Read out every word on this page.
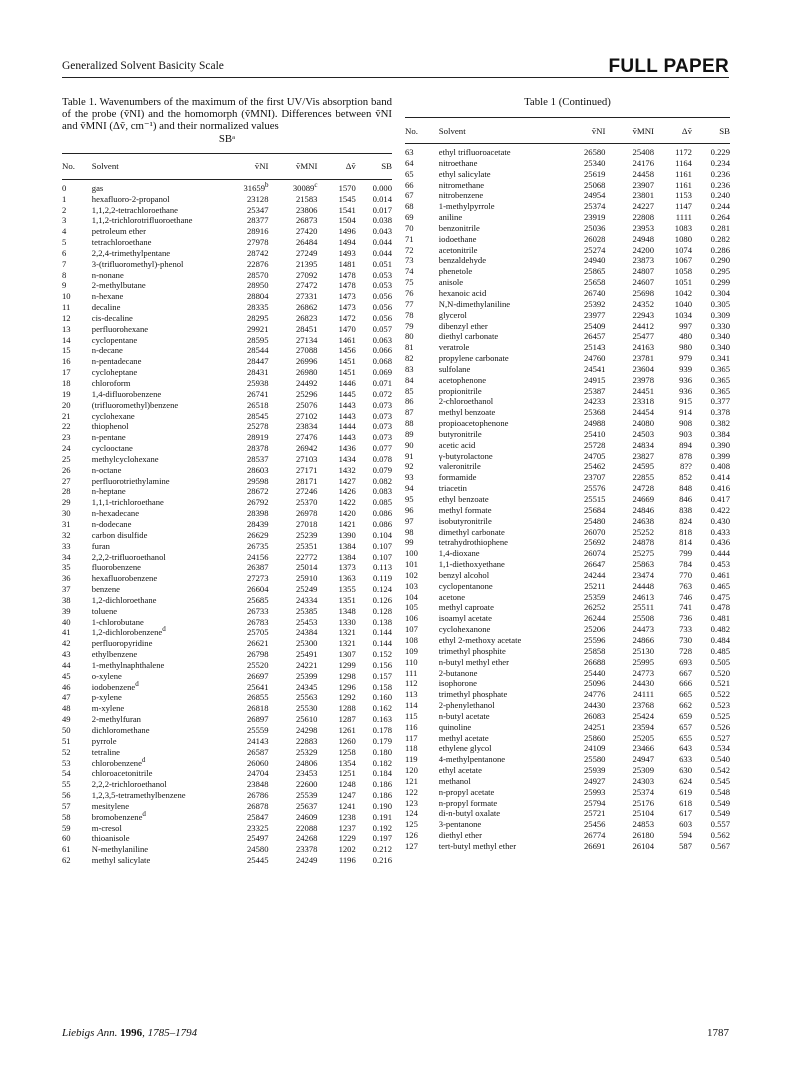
Generalized Solvent Basicity Scale	FULL PAPER
Table 1. Wavenumbers of the maximum of the first UV/Vis absorption band of the probe (ṽNI) and the homomorph (ṽMNI). Differences between ṽNI and ṽMNI (Δṽ, cm⁻¹) and their normalized values
SBᵃ
No.	Solvent	ṽNI	ṽMNI	Δṽ	SB
0	gas	31659$^b$	30089$^c$	1570	0.000
1	hexafluoro-2-propanol	23128	21583	1545	0.014
2	1,1,2,2-tetrachloroethane	25347	23806	1541	0.017
3	1,1,2-trichlorotrifluoroethane	28377	26873	1504	0.038
4	petroleum ether	28916	27420	1496	0.043
5	tetrachloroethane	27978	26484	1494	0.044
6	2,2,4-trimethylpentane	28742	27249	1493	0.044
7	3-(trifluoromethyl)-phenol	22876	21395	1481	0.051
8	n-nonane	28570	27092	1478	0.053
9	2-methylbutane	28950	27472	1478	0.053
10	n-hexane	28804	27331	1473	0.056
11	decaline	28335	26862	1473	0.056
12	cis-decaline	28295	26823	1472	0.056
13	perfluorohexane	29921	28451	1470	0.057
14	cyclopentane	28595	27134	1461	0.063
15	n-decane	28544	27088	1456	0.066
16	n-pentadecane	28447	26996	1451	0.068
17	cycloheptane	28431	26980	1451	0.069
18	chloroform	25938	24492	1446	0.071
19	1,4-difluorobenzene	26741	25296	1445	0.072
20	(trifluoromethyl)benzene	26518	25076	1443	0.073
21	cyclohexane	28545	27102	1443	0.073
22	thiophenol	25278	23834	1444	0.073
23	n-pentane	28919	27476	1443	0.073
24	cyclooctane	28378	26942	1436	0.077
25	methylcyclohexane	28537	27103	1434	0.078
26	n-octane	28603	27171	1432	0.079
27	perfluorotriethylamine	29598	28171	1427	0.082
28	n-heptane	28672	27246	1426	0.083
29	1,1,1-trichloroethane	26792	25370	1422	0.085
30	n-hexadecane	28398	26978	1420	0.086
31	n-dodecane	28439	27018	1421	0.086
32	carbon disulfide	26629	25239	1390	0.104
33	furan	26735	25351	1384	0.107
34	2,2,2-trifluoroethanol	24156	22772	1384	0.107
35	fluorobenzene	26387	25014	1373	0.113
36	hexafluorobenzene	27273	25910	1363	0.119
37	benzene	26604	25249	1355	0.124
38	1,2-dichloroethane	25685	24334	1351	0.126
39	toluene	26733	25385	1348	0.128
40	1-chlorobutane	26783	25453	1330	0.138
41	1,2-dichlorobenzene$^d$	25705	24384	1321	0.144
42	perfluoropyridine	26621	25300	1321	0.144
43	ethylbenzene	26798	25491	1307	0.152
44	1-methylnaphthalene	25520	24221	1299	0.156
45	o-xylene	26697	25399	1298	0.157
46	iodobenzene$^d$	25641	24345	1296	0.158
47	p-xylene	26855	25563	1292	0.160
48	m-xylene	26818	25530	1288	0.162
49	2-methylfuran	26897	25610	1287	0.163
50	dichloromethane	25559	24298	1261	0.178
51	pyrrole	24143	22883	1260	0.179
52	tetraline	26587	25329	1258	0.180
53	chlorobenzene$^d$	26060	24806	1354	0.182
54	chloroacetonitrile	24704	23453	1251	0.184
55	2,2,2-trichloroethanol	23848	22600	1248	0.186
56	1,2,3,5-tetramethylbenzene	26786	25539	1247	0.186
57	mesitylene	26878	25637	1241	0.190
58	bromobenzene$^d$	25847	24609	1238	0.191
59	m-cresol	23325	22088	1237	0.192
60	thioanisole	25497	24268	1229	0.197
61	N-methylaniline	24580	23378	1202	0.212
62	methyl salicylate	25445	24249	1196	0.216
Table 1 (Continued)
No.	Solvent	ṽNI	ṽMNI	Δṽ	SB
63	ethyl trifluoroacetate	26580	25408	1172	0.229
64	nitroethane	25340	24176	1164	0.234
65	ethyl salicylate	25619	24458	1161	0.236
66	nitromethane	25068	23907	1161	0.236
67	nitrobenzene	24954	23801	1153	0.240
68	1-methylpyrrole	25374	24227	1147	0.244
69	aniline	23919	22808	1111	0.264
70	benzonitrile	25036	23953	1083	0.281
71	iodoethane	26028	24948	1080	0.282
72	acetonitrile	25274	24200	1074	0.286
73	benzaldehyde	24940	23873	1067	0.290
74	phenetole	25865	24807	1058	0.295
75	anisole	25658	24607	1051	0.299
76	hexanoic acid	26740	25698	1042	0.304
77	N,N-dimethylaniline	25392	24352	1040	0.305
78	glycerol	23977	22943	1034	0.309
79	dibenzyl ether	25409	24412	997	0.330
80	diethyl carbonate	26457	25477	480	0.340
81	veratrole	25143	24163	980	0.340
82	propylene carbonate	24760	23781	979	0.341
83	sulfolane	24541	23604	939	0.365
84	acetophenone	24915	23978	936	0.365
85	propionitrile	25387	24451	936	0.365
86	2-chloroethanol	24233	23318	915	0.377
87	methyl benzoate	25368	24454	914	0.378
88	propioacetophenone	24988	24080	908	0.382
89	butyronitrile	25410	24503	903	0.384
90	acetic acid	25728	24834	894	0.390
91	γ-butyrolactone	24705	23827	878	0.399
92	valeronitrile	25462	24595	8??	0.408
93	formamide	23707	22855	852	0.414
94	triacetin	25576	24728	848	0.416
95	ethyl benzoate	25515	24669	846	0.417
96	methyl formate	25684	24846	838	0.422
97	isobutyronitrile	25480	24638	824	0.430
98	dimethyl carbonate	26070	25252	818	0.433
99	tetrahydrothiophene	25692	24878	814	0.436
100	1,4-dioxane	26074	25275	799	0.444
101	1,1-diethoxyethane	26647	25863	784	0.453
102	benzyl alcohol	24244	23474	770	0.461
103	cyclopentanone	25211	24448	763	0.465
104	acetone	25359	24613	746	0.475
105	methyl caproate	26252	25511	741	0.478
106	isoamyl acetate	26244	25508	736	0.481
107	cyclohexanone	25206	24473	733	0.482
108	ethyl 2-methoxy acetate	25596	24866	730	0.484
109	trimethyl phosphite	25858	25130	728	0.485
110	n-butyl methyl ether	26688	25995	693	0.505
111	2-butanone	25440	24773	667	0.520
112	isophorone	25096	24430	666	0.521
113	trimethyl phosphate	24776	24111	665	0.522
114	2-phenylethanol	24430	23768	662	0.523
115	n-butyl acetate	26083	25424	659	0.525
116	quinoline	24251	23594	657	0.526
117	methyl acetate	25860	25205	655	0.527
118	ethylene glycol	24109	23466	643	0.534
119	4-methylpentanone	25580	24947	633	0.540
120	ethyl acetate	25939	25309	630	0.542
121	methanol	24927	24303	624	0.545
122	n-propyl acetate	25993	25374	619	0.548
123	n-propyl formate	25794	25176	618	0.549
124	di-n-butyl oxalate	25721	25104	617	0.549
125	3-pentanone	25456	24853	603	0.557
126	diethyl ether	26774	26180	594	0.562
127	tert-butyl methyl ether	26691	26104	587	0.567
Liebigs Ann. 1996, 1785–1794	1787
